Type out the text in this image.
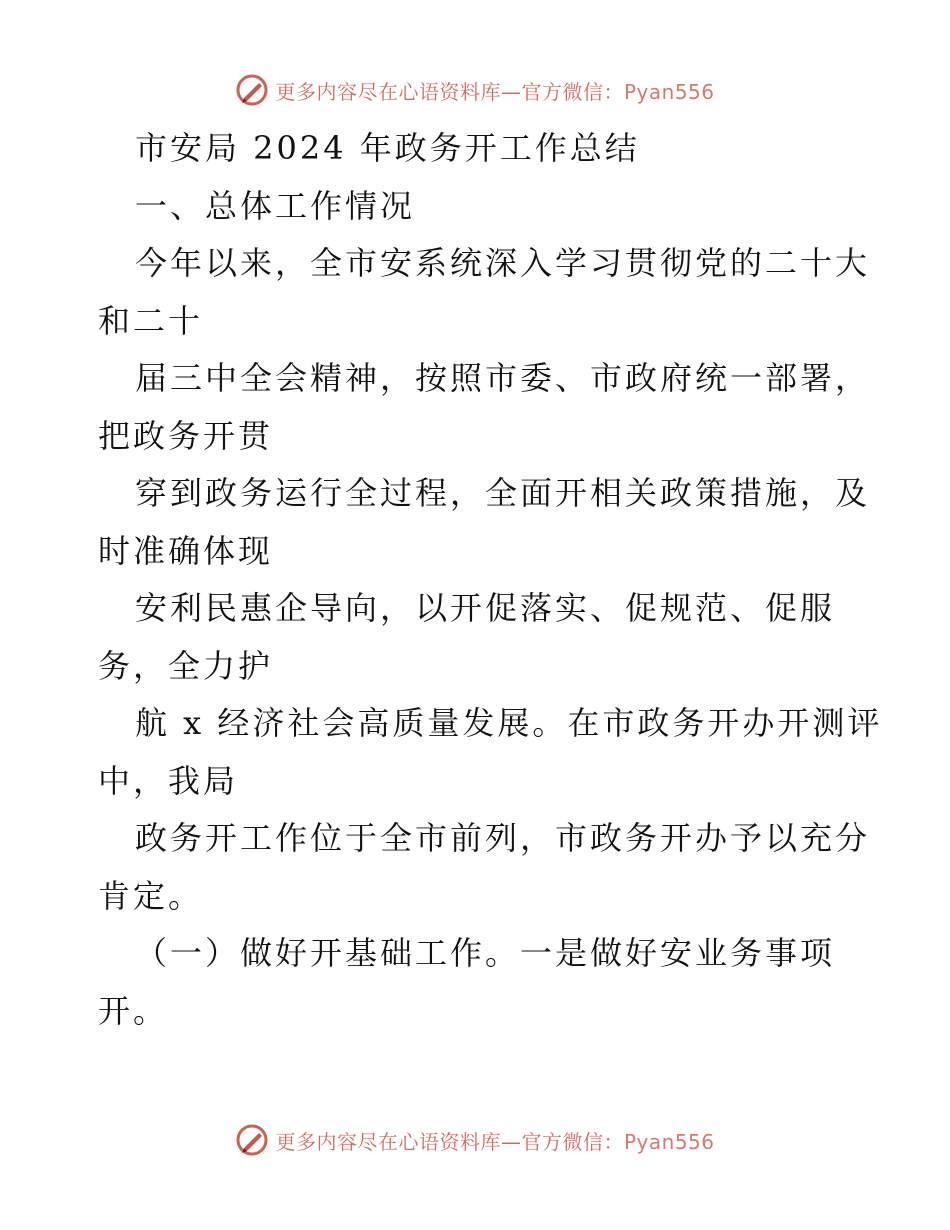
更多内容尽在心语资料库—官方微信：Pyan556
市安局 2024 年政务开工作总结
一、总体工作情况
今年以来，全市安系统深入学习贯彻党的二十大
和二十
届三中全会精神，按照市委、市政府统一部署，
把政务开贯
穿到政务运行全过程，全面开相关政策措施，及
时准确体现
安利民惠企导向，以开促落实、促规范、促服
务，全力护
航 x 经济社会高质量发展。在市政务开办开测评
中，我局
政务开工作位于全市前列，市政务开办予以充分
肯定。
（一）做好开基础工作。一是做好安业务事项
开。
更多内容尽在心语资料库—官方微信：Pyan556
